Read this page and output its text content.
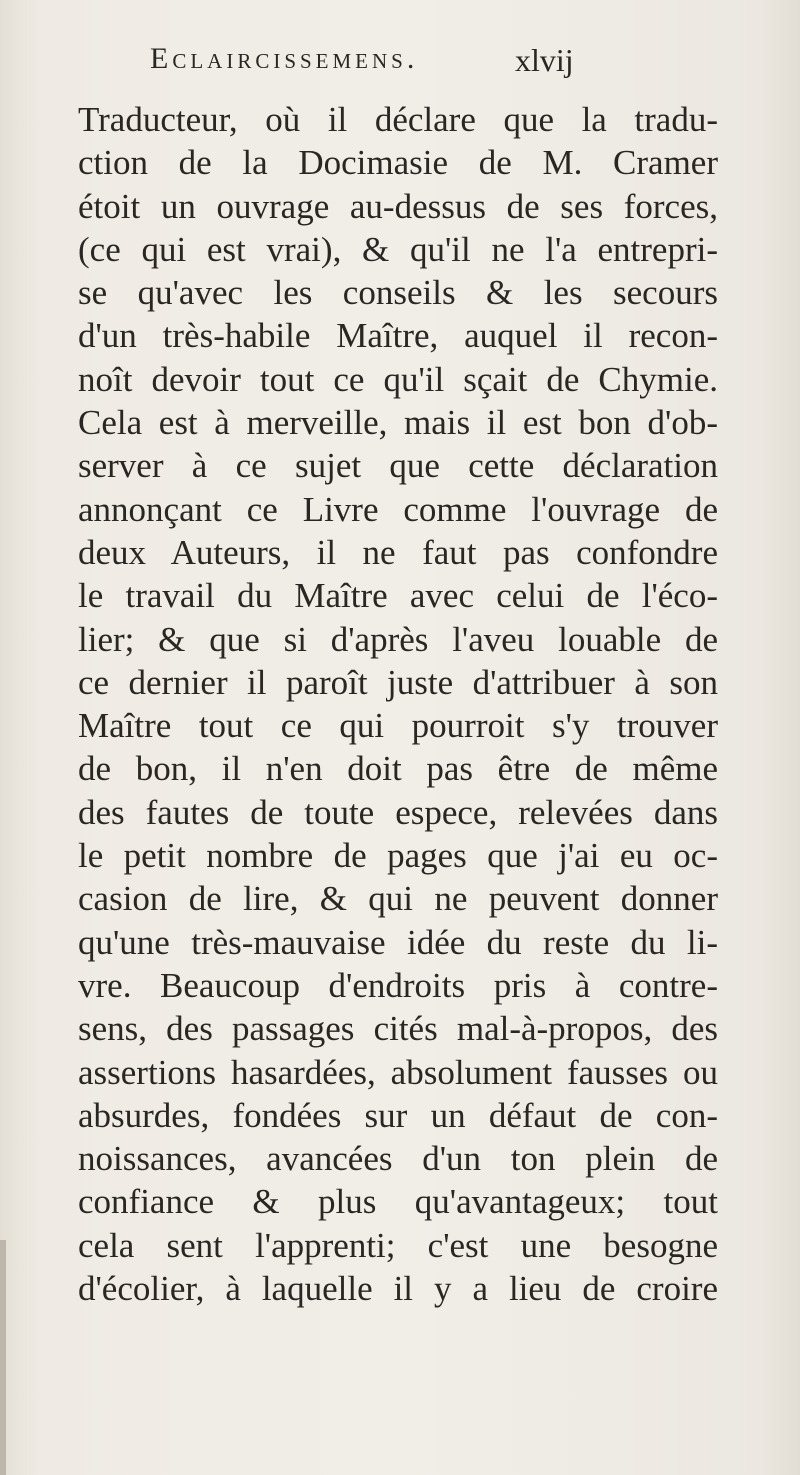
Eclaircissemens.	xlvij
Traducteur, où il déclare que la tradu-
ction de la Docimasie de M. Cramer
étoit un ouvrage au-dessus de ses forces,
(ce qui est vrai), & qu'il ne l'a entrepri-
se qu'avec les conseils & les secours
d'un très-habile Maître, auquel il recon-
noît devoir tout ce qu'il sçait de Chymie.
Cela est à merveille, mais il est bon d'ob-
server à ce sujet que cette déclaration
annonçant ce Livre comme l'ouvrage de
deux Auteurs, il ne faut pas confondre
le travail du Maître avec celui de l'éco-
lier; & que si d'après l'aveu louable de
ce dernier il paroît juste d'attribuer à son
Maître tout ce qui pourroit s'y trouver
de bon, il n'en doit pas être de même
des fautes de toute espece, relevées dans
le petit nombre de pages que j'ai eu oc-
casion de lire, & qui ne peuvent donner
qu'une très-mauvaise idée du reste du li-
vre. Beaucoup d'endroits pris à contre-
sens, des passages cités mal-à-propos, des
assertions hasardées, absolument fausses ou
absurdes, fondées sur un défaut de con-
noissances, avancées d'un ton plein de
confiance & plus qu'avantageux; tout
cela sent l'apprenti; c'est une besogne
d'écolier, à laquelle il y a lieu de croire
